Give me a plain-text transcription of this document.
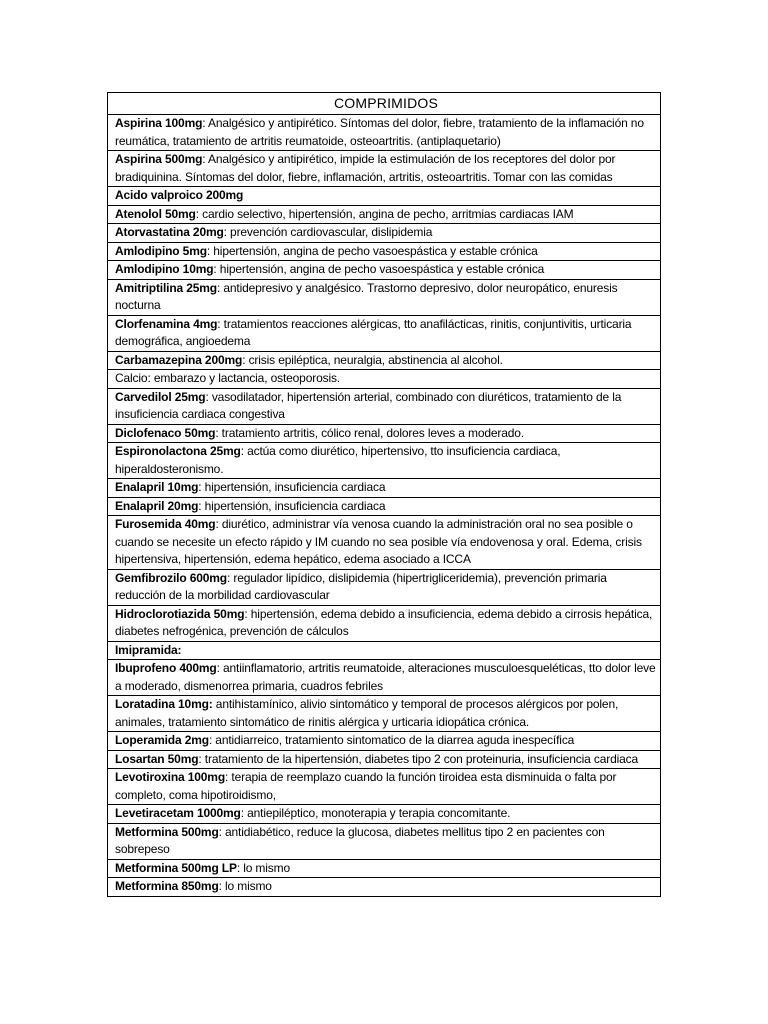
COMPRIMIDOS
Aspirina 100mg: Analgésico y antipirético. Síntomas del dolor, fiebre, tratamiento de la inflamación no reumática, tratamiento de artritis reumatoide, osteoartritis. (antiplaquetario)
Aspirina 500mg: Analgésico y antipirético, impide la estimulación de los receptores del dolor por bradiquinina. Síntomas del dolor, fiebre, inflamación, artritis, osteoartritis. Tomar con las comidas
Acido valproico 200mg
Atenolol 50mg: cardio selectivo, hipertensión, angina de pecho, arritmias cardiacas IAM
Atorvastatina 20mg: prevención cardiovascular, dislipidemia
Amlodipino 5mg: hipertensión, angina de pecho vasoespástica y estable crónica
Amlodipino 10mg: hipertensión, angina de pecho vasoespástica y estable crónica
Amitriptilina 25mg: antidepresivo y analgésico. Trastorno depresivo, dolor neuropático, enuresis nocturna
Clorfenamina 4mg: tratamientos reacciones alérgicas, tto anafilácticas, rinitis, conjuntivitis, urticaria demográfica, angioedema
Carbamazepina 200mg: crisis epiléptica, neuralgia, abstinencia al alcohol.
Calcio: embarazo y lactancia, osteoporosis.
Carvedilol 25mg: vasodilatador, hipertensión arterial, combinado con diuréticos, tratamiento de la insuficiencia cardiaca congestiva
Diclofenaco 50mg: tratamiento artritis, cólico renal, dolores leves a moderado.
Espironolactona 25mg: actúa como diurético, hipertensivo, tto insuficiencia cardiaca, hiperaldosteronismo.
Enalapril 10mg: hipertensión, insuficiencia cardiaca
Enalapril 20mg: hipertensión, insuficiencia cardiaca
Furosemida 40mg: diurético, administrar vía venosa cuando la administración oral no sea posible o cuando se necesite un efecto rápido y IM cuando no sea posible vía endovenosa y oral. Edema, crisis hipertensiva, hipertensión, edema hepático, edema asociado a ICCA
Gemfibrozilo 600mg: regulador lipídico, dislipidemia (hipertrigliceridemia), prevención primaria reducción de la morbilidad cardiovascular
Hidroclorotiazida 50mg: hipertensión, edema debido a insuficiencia, edema debido a cirrosis hepática, diabetes nefrogénica, prevención de cálculos
Imipramida:
Ibuprofeno 400mg: antiinflamatorio, artritis reumatoide, alteraciones musculoesqueléticas, tto dolor leve a moderado, dismenorrea primaria, cuadros febriles
Loratadina 10mg: antihistamínico, alivio sintomático y temporal de procesos alérgicos por polen, animales, tratamiento sintomático de rinitis alérgica y urticaria idiopática crónica.
Loperamida 2mg: antidiarreico, tratamiento sintomatico de la diarrea aguda inespecífica
Losartan 50mg: tratamiento de la hipertensión, diabetes tipo 2 con proteinuria, insuficiencia cardiaca
Levotiroxina 100mg: terapia de reemplazo cuando la función tiroidea esta disminuida o falta por completo, coma hipotiroidismo,
Levetiracetam 1000mg: antiepiléptico, monoterapia y terapia concomitante.
Metformina 500mg: antidiabético, reduce la glucosa, diabetes mellitus tipo 2 en pacientes con sobrepeso
Metformina 500mg LP: lo mismo
Metformina 850mg: lo mismo
